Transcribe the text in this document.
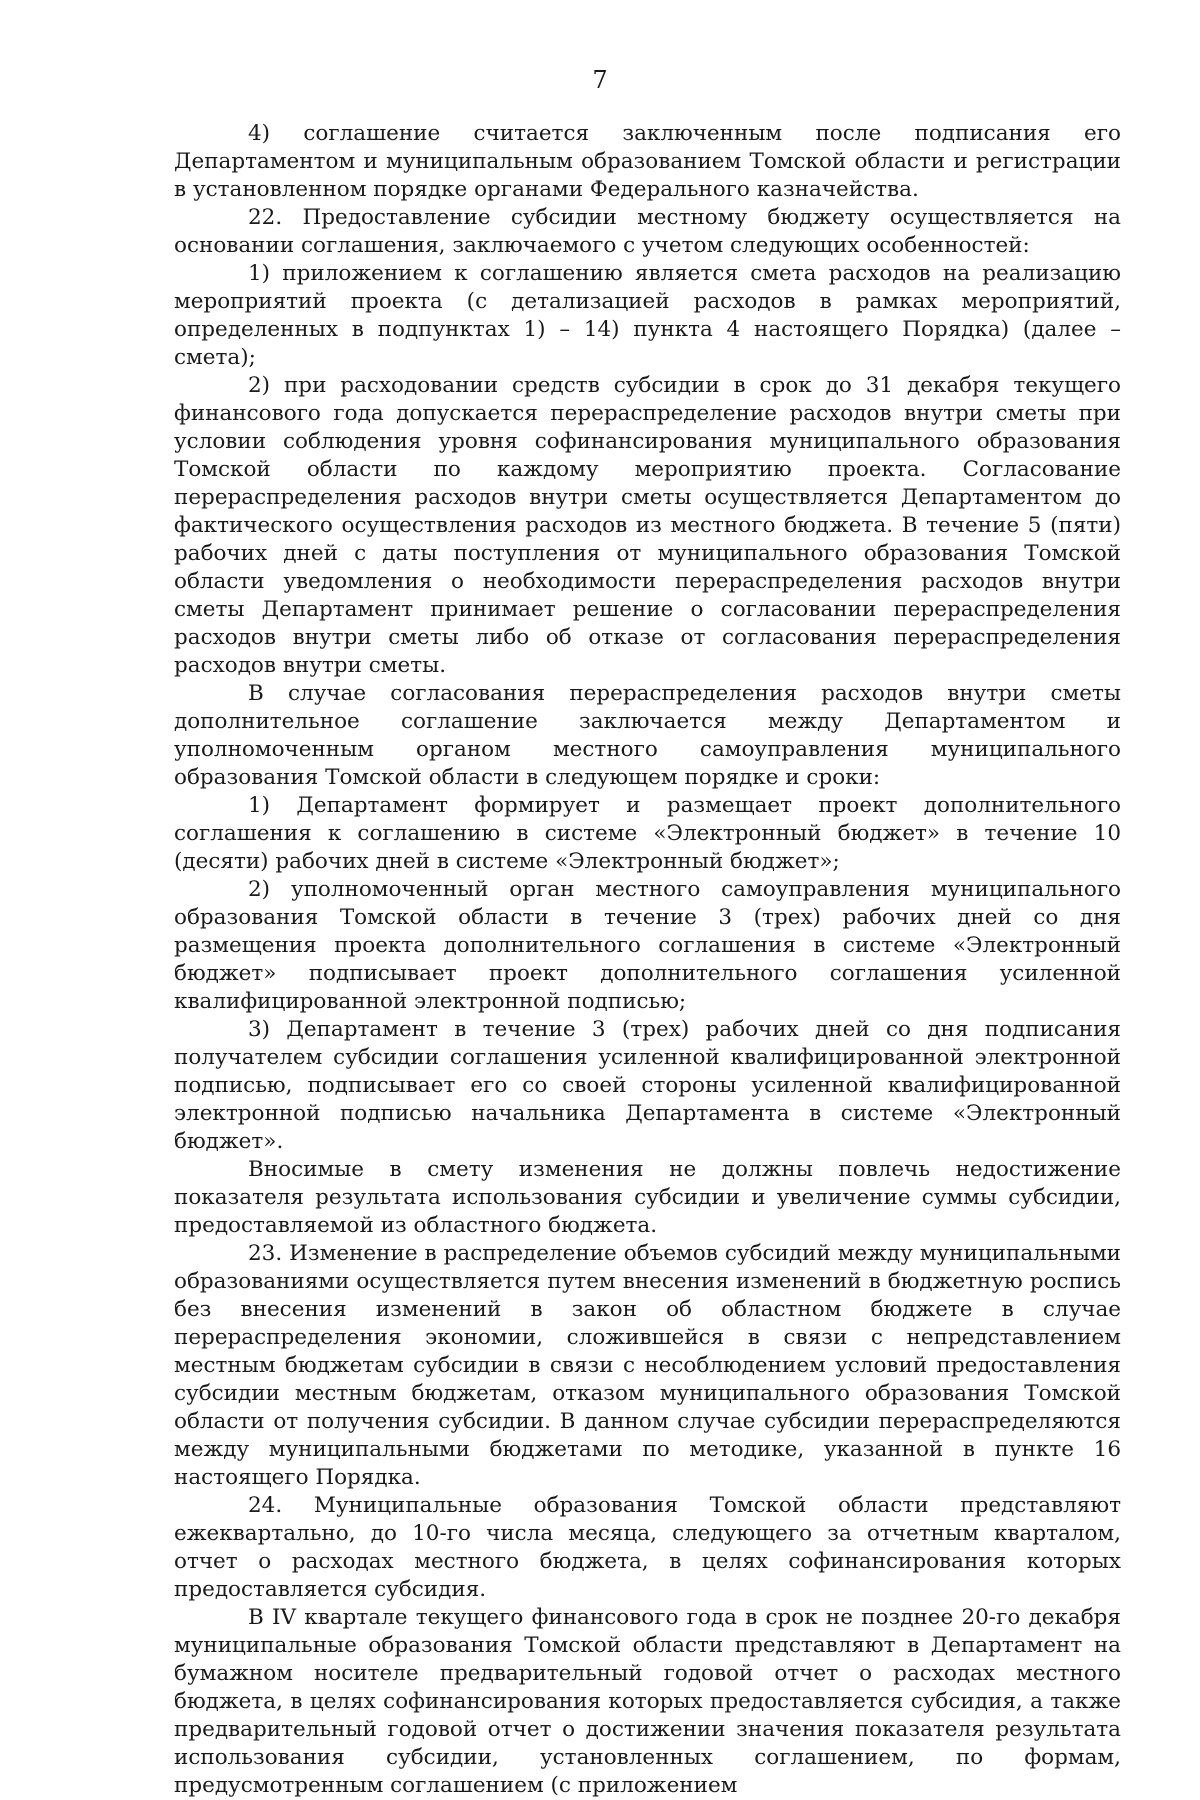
7

4) соглашение считается заключенным после подписания его Департаментом и муниципальным образованием Томской области и регистрации в установленном порядке органами Федерального казначейства.

22. Предоставление субсидии местному бюджету осуществляется на основании соглашения, заключаемого с учетом следующих особенностей:

1) приложением к соглашению является смета расходов на реализацию мероприятий проекта (с детализацией расходов в рамках мероприятий, определенных в подпунктах 1) – 14) пункта 4 настоящего Порядка) (далее – смета);

2) при расходовании средств субсидии в срок до 31 декабря текущего финансового года допускается перераспределение расходов внутри сметы при условии соблюдения уровня софинансирования муниципального образования Томской области по каждому мероприятию проекта. Согласование перераспределения расходов внутри сметы осуществляется Департаментом до фактического осуществления расходов из местного бюджета. В течение 5 (пяти) рабочих дней с даты поступления от муниципального образования Томской области уведомления о необходимости перераспределения расходов внутри сметы Департамент принимает решение о согласовании перераспределения расходов внутри сметы либо об отказе от согласования перераспределения расходов внутри сметы.

В случае согласования перераспределения расходов внутри сметы дополнительное соглашение заключается между Департаментом и уполномоченным органом местного самоуправления муниципального образования Томской области в следующем порядке и сроки:

1) Департамент формирует и размещает проект дополнительного соглашения к соглашению в системе «Электронный бюджет» в течение 10 (десяти) рабочих дней в системе «Электронный бюджет»;

2) уполномоченный орган местного самоуправления муниципального образования Томской области в течение 3 (трех) рабочих дней со дня размещения проекта дополнительного соглашения в системе «Электронный бюджет» подписывает проект дополнительного соглашения усиленной квалифицированной электронной подписью;

3) Департамент в течение 3 (трех) рабочих дней со дня подписания получателем субсидии соглашения усиленной квалифицированной электронной подписью, подписывает его со своей стороны усиленной квалифицированной электронной подписью начальника Департамента в системе «Электронный бюджет».

Вносимые в смету изменения не должны повлечь недостижение показателя результата использования субсидии и увеличение суммы субсидии, предоставляемой из областного бюджета.

23. Изменение в распределение объемов субсидий между муниципальными образованиями осуществляется путем внесения изменений в бюджетную роспись без внесения изменений в закон об областном бюджете в случае перераспределения экономии, сложившейся в связи с непредставлением местным бюджетам субсидии в связи с несоблюдением условий предоставления субсидии местным бюджетам, отказом муниципального образования Томской области от получения субсидии. В данном случае субсидии перераспределяются между муниципальными бюджетами по методике, указанной в пункте 16 настоящего Порядка.

24. Муниципальные образования Томской области представляют ежеквартально, до 10-го числа месяца, следующего за отчетным кварталом, отчет о расходах местного бюджета, в целях софинансирования которых предоставляется субсидия.

В IV квартале текущего финансового года в срок не позднее 20-го декабря муниципальные образования Томской области представляют в Департамент на бумажном носителе предварительный годовой отчет о расходах местного бюджета, в целях софинансирования которых предоставляется субсидия, а также предварительный годовой отчет о достижении значения показателя результата использования субсидии, установленных соглашением, по формам, предусмотренным соглашением (с приложением
